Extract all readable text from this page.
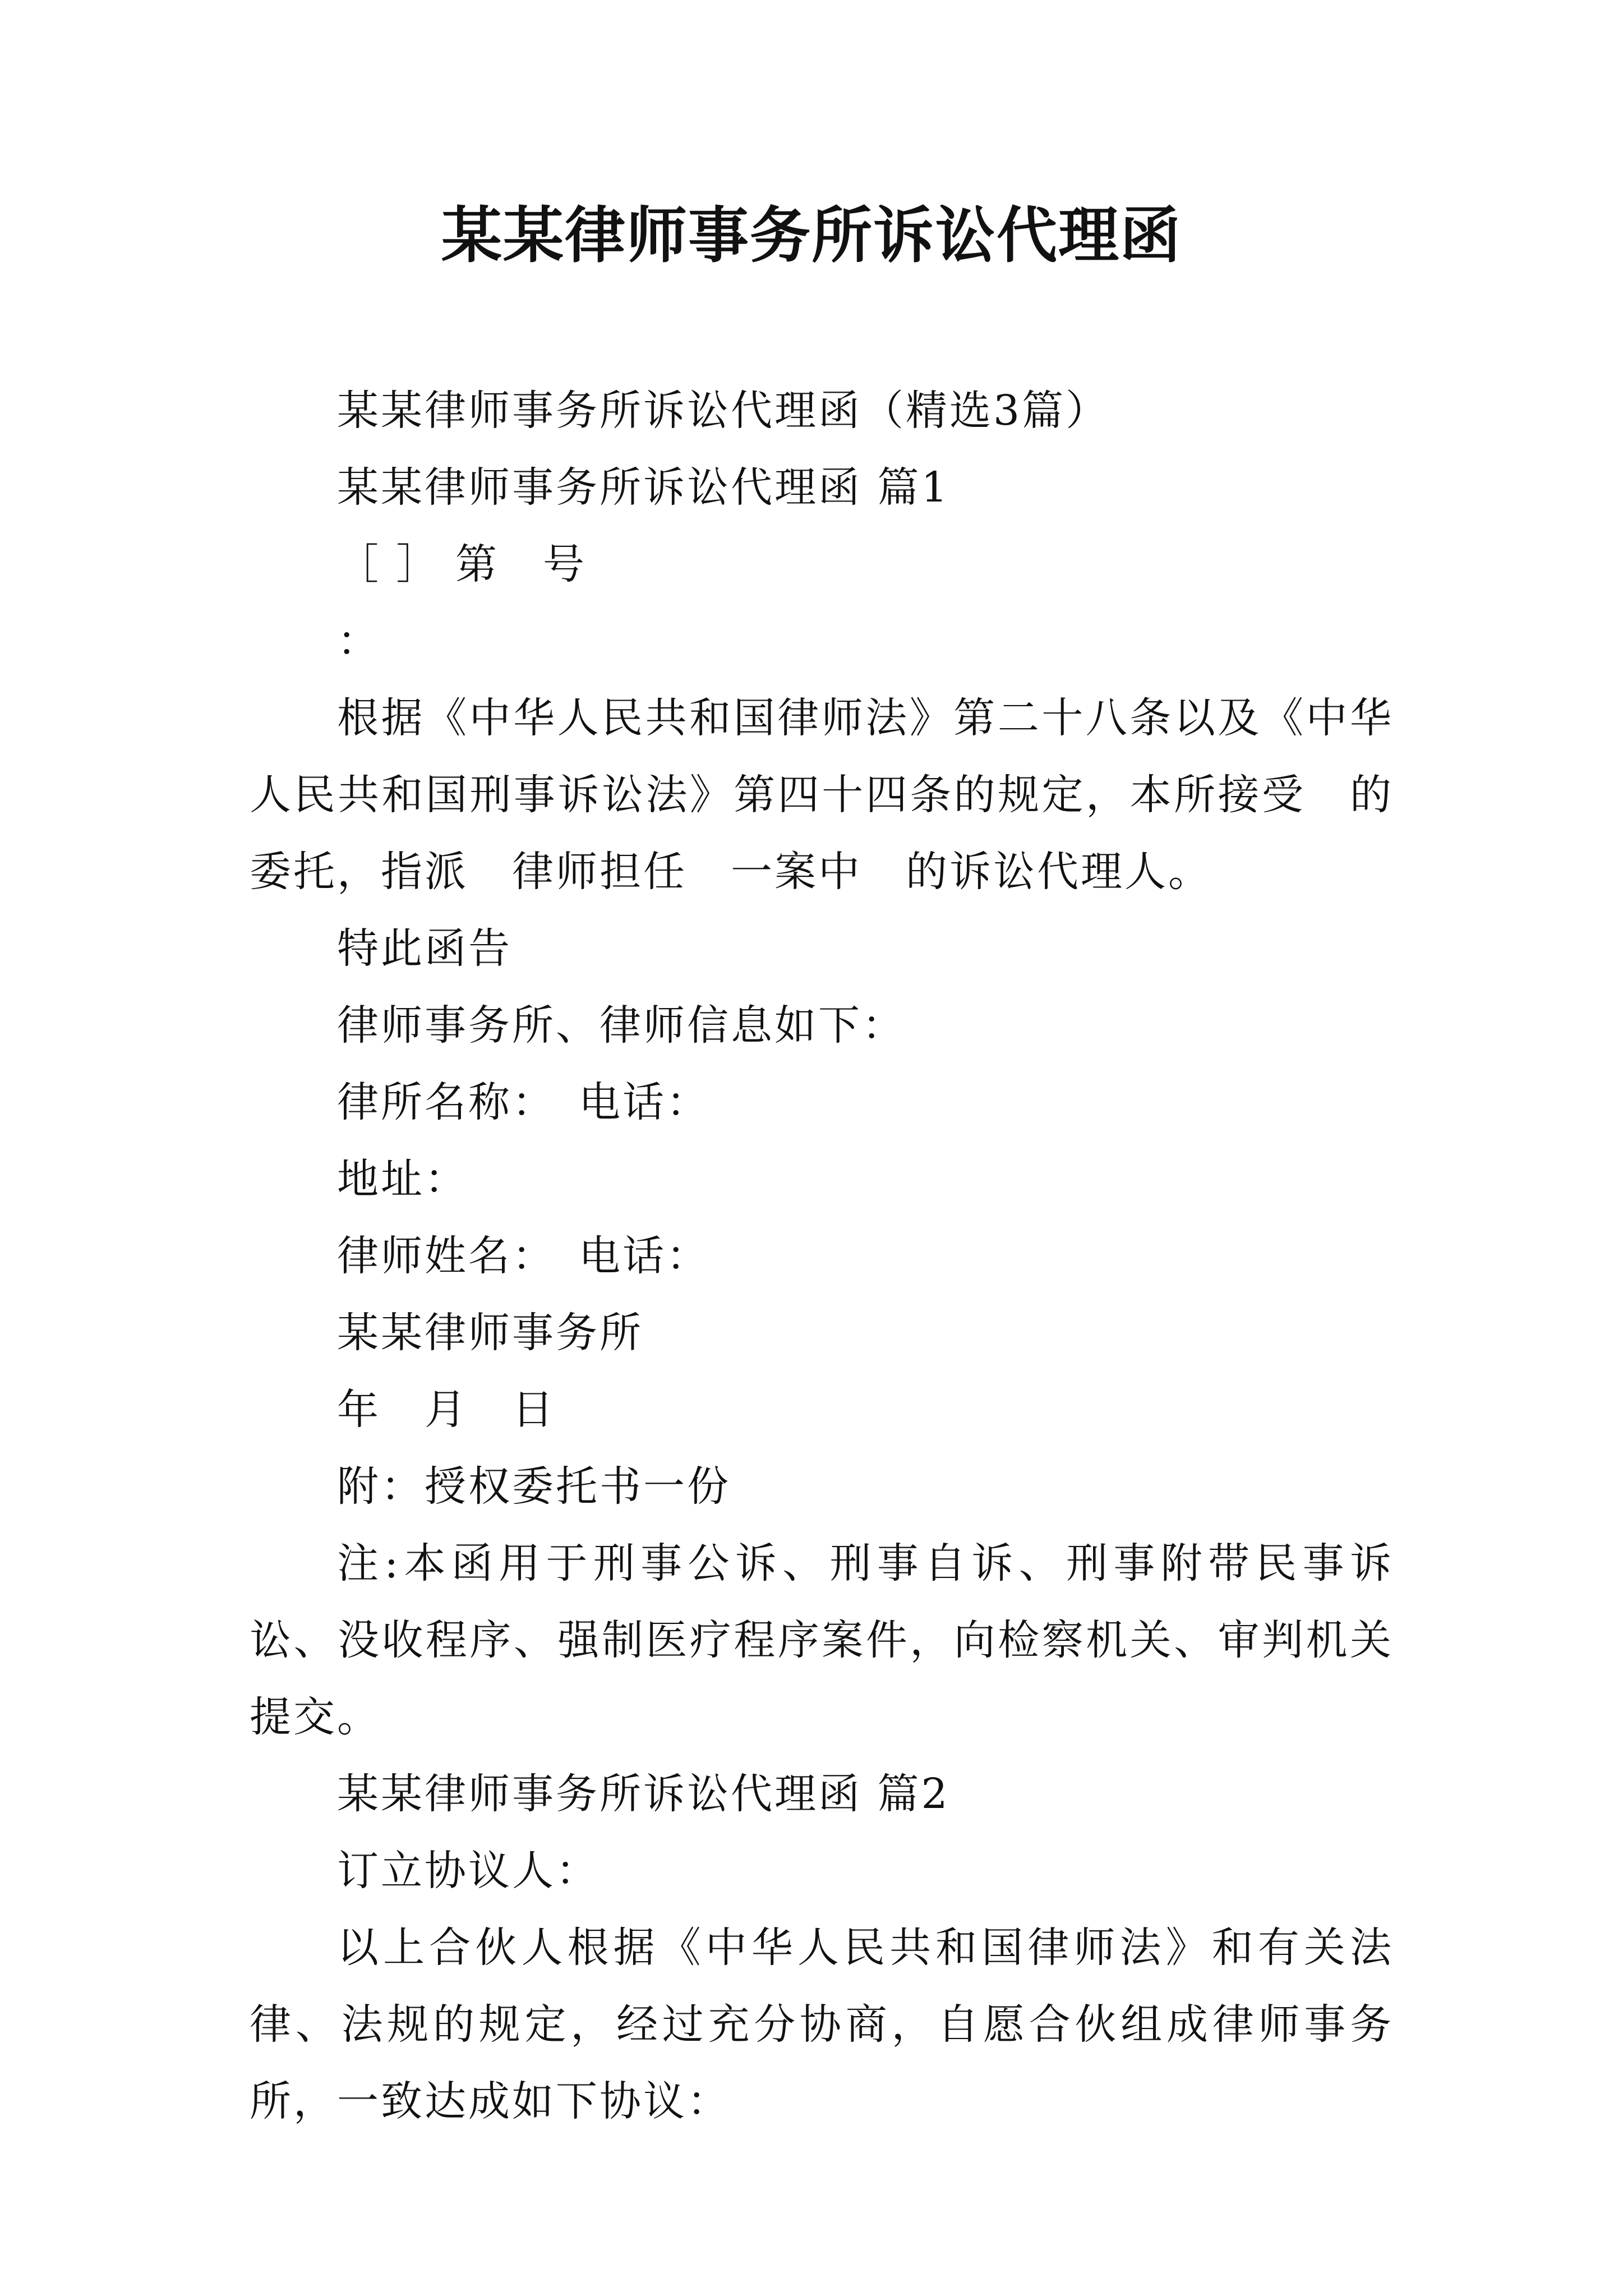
某某律师事务所诉讼代理函

某某律师事务所诉讼代理函（精选3篇）

某某律师事务所诉讼代理函 篇1

［ ］ 第　号

：

根据《中华人民共和国律师法》第二十八条以及《中华人民共和国刑事诉讼法》第四十四条的规定，本所接受　的委托，指派　律师担任　一案中　的诉讼代理人。

特此函告

律师事务所、律师信息如下：

律所名称：　电话：

地址：

律师姓名：　电话：

某某律师事务所

年　月　日

附：授权委托书一份

注:本函用于刑事公诉、刑事自诉、刑事附带民事诉讼、没收程序、强制医疗程序案件，向检察机关、审判机关提交。

某某律师事务所诉讼代理函 篇2

订立协议人：

以上合伙人根据《中华人民共和国律师法》和有关法律、法规的规定，经过充分协商，自愿合伙组成律师事务所，一致达成如下协议：
